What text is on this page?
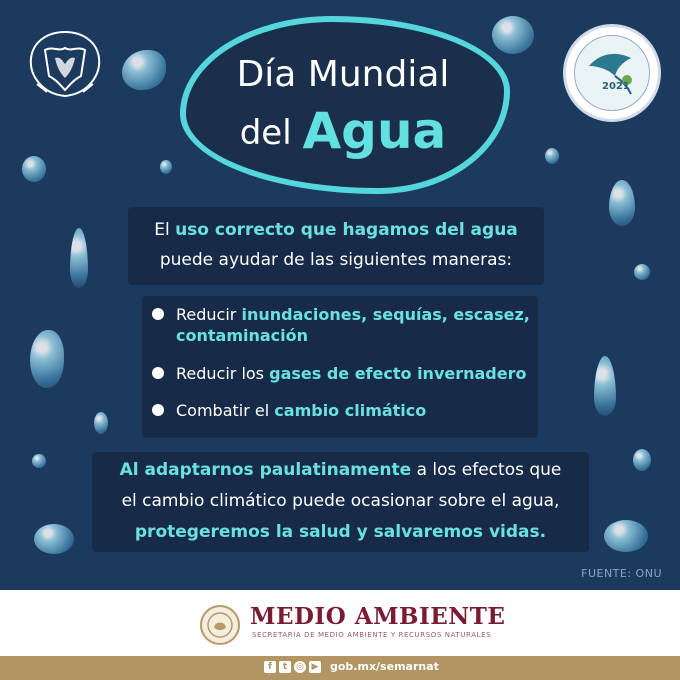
2021
Día Mundial
del Agua
El uso correcto que hagamos del agua
puede ayudar de las siguientes maneras:
Reducir inundaciones, sequías, escasez, contaminación
Reducir los gases de efecto invernadero
Combatir el cambio climático
Al adaptarnos paulatinamente a los efectos que
el cambio climático puede ocasionar sobre el agua,
protegeremos la salud y salvaremos vidas.
FUENTE: ONU
MEDIO AMBIENTE
SECRETARÍA DE MEDIO AMBIENTE Y RECURSOS NATURALES
f	t ◎ ▶ gob.mx/semarnat
